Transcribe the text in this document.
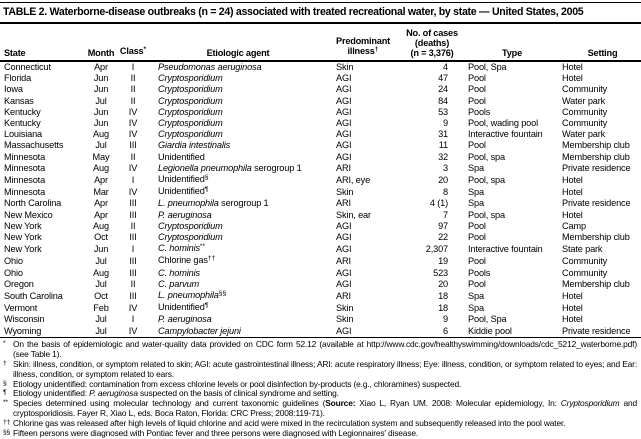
TABLE 2. Waterborne-disease outbreaks (n = 24) associated with treated recreational water, by state — United States, 2005
State	Month	Class*	Etiologic agent	Predominant
illness†	No. of cases
(deaths)
(n = 3,376)	Type	Setting
Connecticut	Apr	I	Pseudomonas aeruginosa	Skin	4	Pool, Spa	Hotel
Florida	Jun	II	Cryptosporidium	AGI	47	Pool	Hotel
Iowa	Jun	II	Cryptosporidium	AGI	24	Pool	Community
Kansas	Jul	II	Cryptosporidium	AGI	84	Pool	Water park
Kentucky	Jun	IV	Cryptosporidium	AGI	53	Pools	Community
Kentucky	Jun	IV	Cryptosporidium	AGI	9	Pool, wading pool	Community
Louisiana	Aug	IV	Cryptosporidium	AGI	31	Interactive fountain	Water park
Massachusetts	Jul	III	Giardia intestinalis	AGI	11	Pool	Membership club
Minnesota	May	II	Unidentified	AGI	32	Pool, spa	Membership club
Minnesota	Aug	IV	Legionella pneumophila serogroup 1	ARI	3	Spa	Private residence
Minnesota	Apr	I	Unidentified§	ARI, eye	20	Pool, spa	Hotel
Minnesota	Mar	IV	Unidentified¶	Skin	8	Spa	Hotel
North Carolina	Apr	III	L. pneumophila serogroup 1	ARI	4 (1)	Spa	Private residence
New Mexico	Apr	III	P. aeruginosa	Skin, ear	7	Pool, spa	Hotel
New York	Aug	II	Cryptosporidium	AGI	97	Pool	Camp
New York	Oct	III	Cryptosporidium	AGI	22	Pool	Membership club
New York	Jun	I	C. hominis**	AGI	2,307	Interactive fountain	State park
Ohio	Jul	III	Chlorine gas††	ARI	19	Pool	Community
Ohio	Aug	III	C. hominis	AGI	523	Pools	Community
Oregon	Jul	II	C. parvum	AGI	20	Pool	Membership club
South Carolina	Oct	III	L. pneumophila§§	ARI	18	Spa	Hotel
Vermont	Feb	IV	Unidentified¶	Skin	18	Spa	Hotel
Wisconsin	Jul	I	P. aeruginosa	Skin	9	Pool, Spa	Hotel
Wyoming	Jul	IV	Campylobacter jejuni	AGI	6	Kiddie pool	Private residence
* On the basis of epidemiologic and water-quality data provided on CDC form 52.12 (available at http://www.cdc.gov/healthyswimming/downloads/cdc_5212_waterborne.pdf) (see Table 1).
† Skin: illness, condition, or symptom related to skin; AGI: acute gastrointestinal illness; ARI: acute respiratory illness; Eye: illness, condition, or symptom related to eyes; and Ear: illness, condition, or symptom related to ears.
§ Etiology unidentified: contamination from excess chlorine levels or pool disinfection by-products (e.g., chloramines) suspected.
¶ Etiology unidentified: P. aeruginosa suspected on the basis of clinical syndrome and setting.
** Species determined using molecular technology and current taxonomic guidelines (Source: Xiao L, Ryan UM. 2008: Molecular epidemiology, In: Cryptosporidium and cryptosporidiosis. Fayer R, Xiao L, eds. Boca Raton, Florida: CRC Press; 2008:119-71).
†† Chlorine gas was released after high levels of liquid chlorine and acid were mixed in the recirculation system and subsequently released into the pool water.
§§ Fifteen persons were diagnosed with Pontiac fever and three persons were diagnosed with Legionnaires' disease.
